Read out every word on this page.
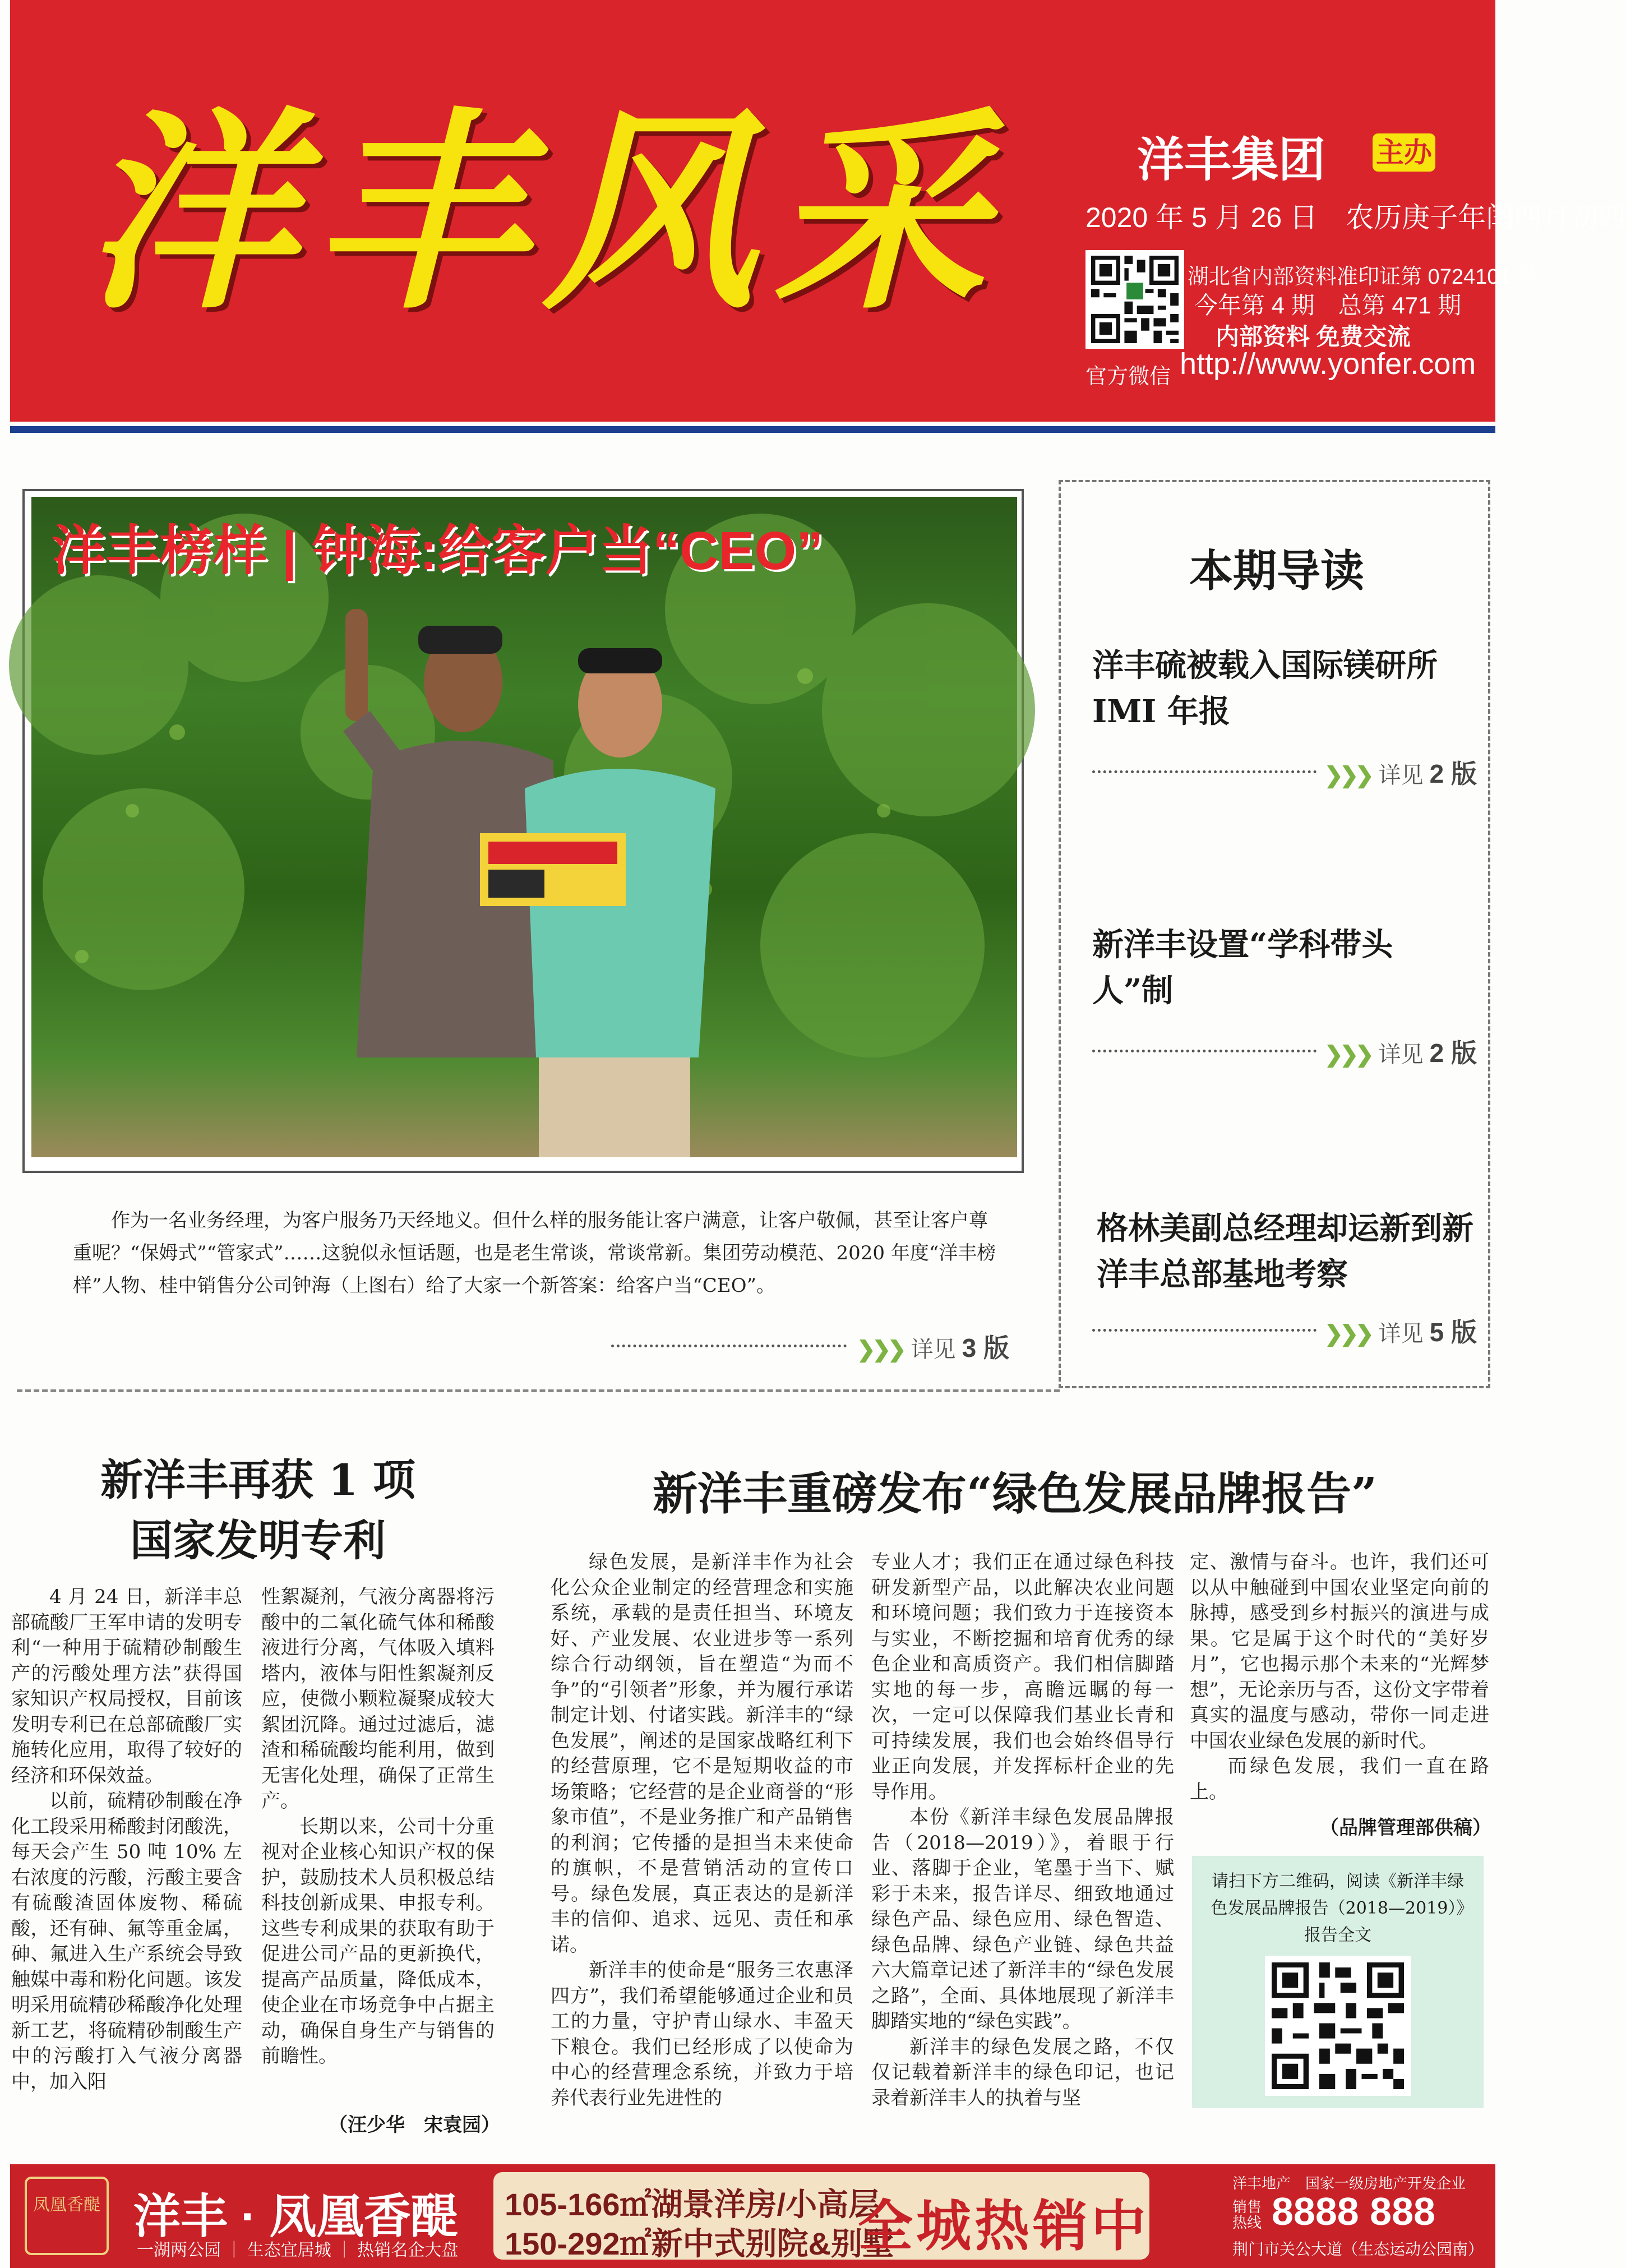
洋丰风采	洋丰集团 主办
2020 年 5 月 26 日　农历庚子年闰四月初四
湖北省内部资料准印证第 0724101 号
今年第 4 期　总第 471 期
内部资料 免费交流
官方微信 http://www.yonfer.com
洋丰榜样 | 钟海:给客户当“CEO”
作为一名业务经理，为客户服务乃天经地义。但什么样的服务能让客户满意，让客户敬佩，甚至让客户尊重呢？“保姆式”“管家式”……这貌似永恒话题，也是老生常谈，常谈常新。集团劳动模范、2020 年度“洋丰榜样”人物、桂中销售分公司钟海（上图右）给了大家一个新答案：给客户当“CEO”。
❯❯❯ 详见 3 版
本期导读
洋丰硫被载入国际镁研所 IMI 年报
❯❯❯ 详见 2 版
新洋丰设置“学科带头人”制
❯❯❯ 详见 2 版
格林美副总经理却运新到新洋丰总部基地考察
❯❯❯ 详见 5 版
新洋丰再获 1 项
国家发明专利

4 月 24 日，新洋丰总部硫酸厂王军申请的发明专利“一种用于硫精砂制酸生产的污酸处理方法”获得国家知识产权局授权，目前该发明专利已在总部硫酸厂实施转化应用，取得了较好的经济和环保效益。

以前，硫精砂制酸在净化工段采用稀酸封闭酸洗，每天会产生 50 吨 10% 左右浓度的污酸，污酸主要含有硫酸渣固体废物、稀硫酸，还有砷、氟等重金属，砷、氟进入生产系统会导致触媒中毒和粉化问题。该发明采用硫精砂稀酸净化处理新工艺，将硫精砂制酸生产中的污酸打入气液分离器中，加入阳

性絮凝剂，气液分离器将污酸中的二氧化硫气体和稀酸液进行分离，气体吸入填料塔内，液体与阳性絮凝剂反应，使微小颗粒凝聚成较大絮团沉降。通过过滤后，滤渣和稀硫酸均能利用，做到无害化处理，确保了正常生产。

长期以来，公司十分重视对企业核心知识产权的保护，鼓励技术人员积极总结科技创新成果、申报专利。这些专利成果的获取有助于促进公司产品的更新换代，提高产品质量，降低成本，使企业在市场竞争中占据主动，确保自身生产与销售的前瞻性。

（汪少华　宋袁园）
新洋丰重磅发布“绿色发展品牌报告”

绿色发展，是新洋丰作为社会化公众企业制定的经营理念和实施系统，承载的是责任担当、环境友好、产业发展、农业进步等一系列综合行动纲领，旨在塑造“为而不争”的“引领者”形象，并为履行承诺制定计划、付诸实践。新洋丰的“绿色发展”，阐述的是国家战略红利下的经营原理，它不是短期收益的市场策略；它经营的是企业商誉的“形象市值”，不是业务推广和产品销售的利润；它传播的是担当未来使命的旗帜，不是营销活动的宣传口号。绿色发展，真正表达的是新洋丰的信仰、追求、远见、责任和承诺。

新洋丰的使命是“服务三农惠泽四方”，我们希望能够通过企业和员工的力量，守护青山绿水、丰盈天下粮仓。我们已经形成了以使命为中心的经营理念系统，并致力于培养代表行业先进性的

专业人才；我们正在通过绿色科技研发新型产品，以此解决农业问题和环境问题；我们致力于连接资本与实业，不断挖掘和培育优秀的绿色企业和高质资产。我们相信脚踏实地的每一步，高瞻远瞩的每一次，一定可以保障我们基业长青和可持续发展，我们也会始终倡导行业正向发展，并发挥标杆企业的先导作用。

本份《新洋丰绿色发展品牌报告（2018—2019）》，着眼于行业、落脚于企业，笔墨于当下、赋彩于未来，报告详尽、细致地通过绿色产品、绿色应用、绿色智造、绿色品牌、绿色产业链、绿色共益六大篇章记述了新洋丰的“绿色发展之路”，全面、具体地展现了新洋丰脚踏实地的“绿色实践”。

新洋丰的绿色发展之路，不仅仅记载着新洋丰的绿色印记，也记录着新洋丰人的执着与坚

定、激情与奋斗。也许，我们还可以从中触碰到中国农业坚定向前的脉搏，感受到乡村振兴的演进与成果。它是属于这个时代的“美好岁月”，它也揭示那个未来的“光辉梦想”，无论亲历与否，这份文字带着真实的温度与感动，带你一同走进中国农业绿色发展的新时代。

而绿色发展，我们一直在路上。

（品牌管理部供稿）
请扫下方二维码，阅读《新洋丰绿色发展品牌报告（2018—2019）》报告全文
凤凰香醍 洋丰 · 凤凰香醍
一湖两公园 ｜ 生态宜居城 ｜ 热销名企大盘
105-166㎡湖景洋房/小高层
150-292㎡新中式别院&别墅
全城热销中
洋丰地产　国家一级房地产开发企业
销售热线 8888 888
荆门市关公大道（生态运动公园南）
